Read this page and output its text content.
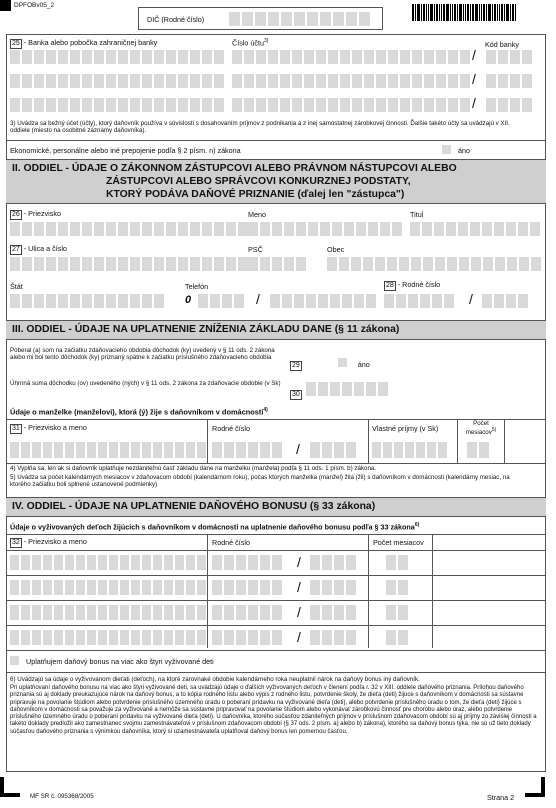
DPFOBv05_2
DIČ (Rodné číslo)
25 - Banka alebo pobočka zahraničnej banky	Číslo účtu$^{3)}$	Kód banky
/
/
/
3) Uvádza sa bežný účet (účty), ktorý daňovník používa v súvislosti s dosahovaním príjmov z podnikania a z inej samostatnej zárobkovej činnosti. Ďalšie takéto účty sa uvádzajú v XII. oddiele (miesto na osobitné záznamy daňovníka).
Ekonomické, personálne alebo iné prepojenie podľa § 2 písm. n) zákona	áno
II. ODDIEL - ÚDAJE O ZÁKONNOM ZÁSTUPCOVI ALEBO PRÁVNOM NÁSTUPCOVI ALEBO
ZÁSTUPCOVI ALEBO SPRÁVCOVI KONKURZNEJ PODSTATY,
KTORÝ PODÁVA DAŇOVÉ PRIZNANIE (ďalej len "zástupca")
26 - Priezvisko	Meno	Titul
27 - Ulica a číslo	PSČ	Obec
Štát	Telefón	28 - Rodné číslo
0	/	/
III. ODDIEL - ÚDAJE NA UPLATNENIE ZNÍŽENIA ZÁKLADU DANE (§ 11 zákona)
Poberal (a) som na začiatku zdaňovacieho obdobia dôchodok (ky) uvedený v § 11 ods. 2 zákona alebo mi bol tento dôchodok (ky) priznaný spätne k začiatku príslušného zdaňovacieho obdobia
29	áno
Úhrnná suma dôchodku (ov) uvedeného (ných) v § 11 ods. 2 zákona za zdaňovacie obdobie (v Sk)
30
Údaje o manželke (manželovi), ktorá (ý) žije s daňovníkom v domácnosti$^{4)}$
31 - Priezvisko a meno	Rodné číslo	Vlastné príjmy (v Sk)
Počet mesiacov$^{5)}$
/
4) Vyplňa sa, len ak si daňovník uplatňuje nezdaniteľnú časť základu dane na manželku (manžela) podľa § 11 ods. 1 písm. b) zákona.
5) Uvádza sa počet kalendárnych mesiacov v zdaňovacom období (kalendárnom roku), počas ktorých manželka (manžel) žila (žil) s daňovníkom v domácnosti (kalendárny mesiac, na ktorého začiatku boli splnené ustanovené podmienky)
IV. ODDIEL - ÚDAJE NA UPLATNENIE DAŇOVÉHO BONUSU (§ 33 zákona)
Údaje o vyživovaných deťoch žijúcich s daňovníkom v domácnosti na uplatnenie daňového bonusu podľa § 33 zákona$^{6)}$
32 - Priezvisko a meno	Rodné číslo	Počet mesiacov
/
/
/
/
Uplatňujem daňový bonus na viac ako štyri vyživované deti
6) Uvádzajú sa údaje o vyživovanom dieťati (deťoch), na ktoré zarovnaké obdobie kalendárneho roka neuplatnil nárok na daňový bonus iný daňovník.
Pri uplatňovaní daňového bonusu na viac ako štyri vyživované deti, sa uvádzajú údaje o ďalších vyživovaných deťoch v členení podľa r. 32 v XIII. oddiele daňového priznania. Prílohou daňového priznania sú aj doklady preukazujúce nárok na daňový bonus, a to kópia rodného listu alebo výpis z rodného listu, potvrdenie školy, že dieťa (deti) žijúce s daňovníkom v domácnosti sa sústavne pripravuje na povolanie štúdiom alebo potvrdenie príslušného územného úradu o poberaní prídavku na vyživované dieťa (deti), alebo potvrdenie príslušného úradu o tom, že dieťa (deti) žijúce s daňovníkom v domácnosti sa považuje za vyživované a nemôže sa sústavne pripravovať na povolanie štúdiom alebo vykonávať zárobkovú činnosť pre chorobu alebo úraz, alebo potvrdenie príslušného územného úradu o poberaní prídavku na vyživované dieťa (deti). U daňovníka, ktorého súčasťou zdaniteľných príjmov v príslušnom zdaňovacom období sú aj príjmy zo závislej činnosti a takéto doklady predložil ako zamestnanec svojmu zamestnávateľovi v príslušnom zdaňovacom období (§ 37 ods. 2 písm. a) alebo b) zákona), ktorého sa daňový bonus týka, nie sú už tieto doklady súčasťou daňového priznania s výnimkou daňovníka, ktorý si uzamestnávateľa uplatňoval daňový bonus len pomernou časťou.
MF SR č. 095368/2005	Strana 2
